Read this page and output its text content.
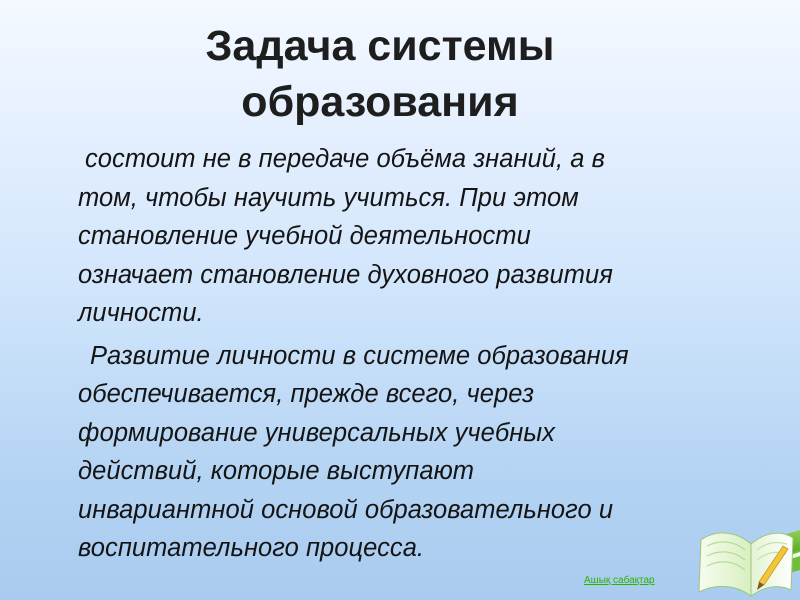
Задача системы
образования

состоит не в передаче объёма знаний, а в
том, чтобы научить учиться. При этом
становление учебной деятельности
означает становление духовного развития
личности.

Развитие личности в системе образования
обеспечивается, прежде всего, через
формирование универсальных учебных
действий, которые выступают
инвариантной основой образовательного и
воспитательного процесса.

Ашық сабақтар
